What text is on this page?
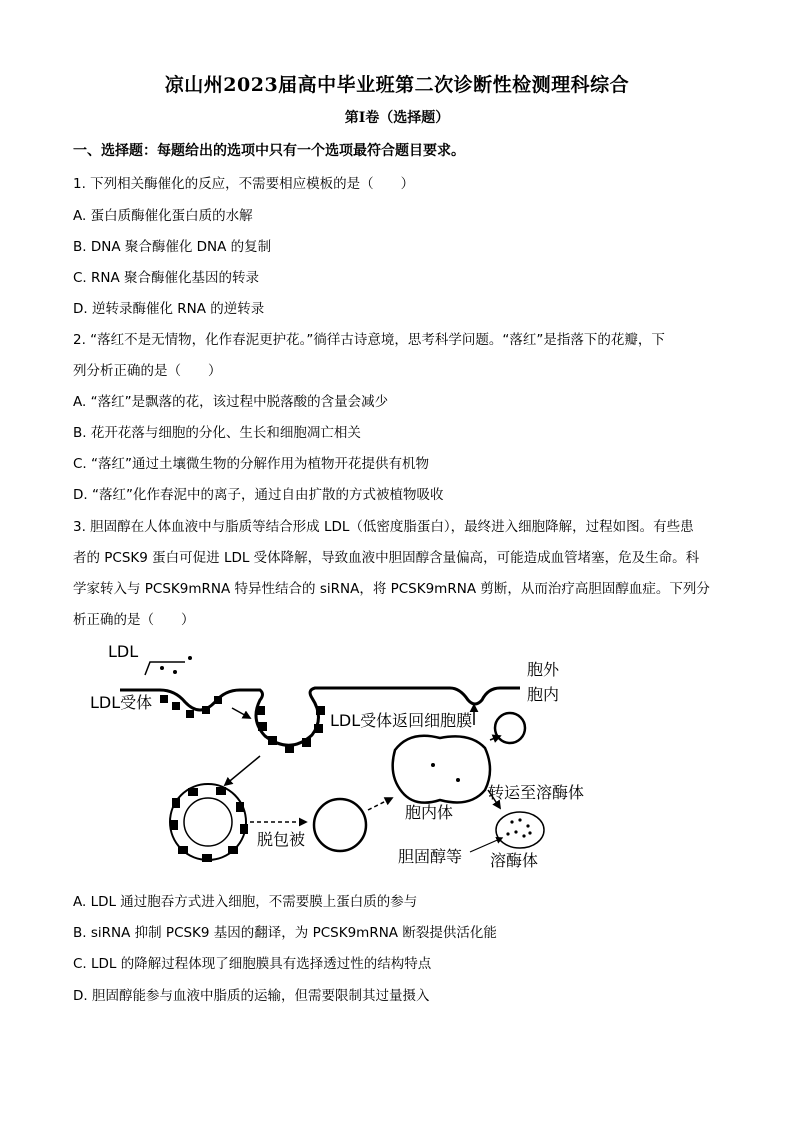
凉山州2023届高中毕业班第二次诊断性检测理科综合
第Ⅰ卷（选择题）
一、选择题：每题给出的选项中只有一个选项最符合题目要求。
1. 下列相关酶催化的反应，不需要相应模板的是（　　）
A. 蛋白质酶催化蛋白质的水解
B. DNA 聚合酶催化 DNA 的复制
C. RNA 聚合酶催化基因的转录
D. 逆转录酶催化 RNA 的逆转录
2. “落红不是无情物，化作春泥更护花。”徜徉古诗意境，思考科学问题。“落红”是指落下的花瓣，下
列分析正确的是（　　）
A. “落红”是飘落的花，该过程中脱落酸的含量会减少
B. 花开花落与细胞的分化、生长和细胞凋亡相关
C. “落红”通过土壤微生物的分解作用为植物开花提供有机物
D. “落红”化作春泥中的离子，通过自由扩散的方式被植物吸收
3. 胆固醇在人体血液中与脂质等结合形成 LDL（低密度脂蛋白），最终进入细胞降解，过程如图。有些患
者的 PCSK9 蛋白可促进 LDL 受体降解，导致血液中胆固醇含量偏高，可能造成血管堵塞，危及生命。科
学家转入与 PCSK9mRNA 特异性结合的 siRNA，将 PCSK9mRNA 剪断，从而治疗高胆固醇血症。下列分
析正确的是（　　）
LDL
LDL受体
胞外
胞内
LDL受体返回细胞膜
脱包被
胞内体
转运至溶酶体
胆固醇等 溶酶体
A. LDL 通过胞吞方式进入细胞，不需要膜上蛋白质的参与
B. siRNA 抑制 PCSK9 基因的翻译，为 PCSK9mRNA 断裂提供活化能
C. LDL 的降解过程体现了细胞膜具有选择透过性的结构特点
D. 胆固醇能参与血液中脂质的运输，但需要限制其过量摄入
